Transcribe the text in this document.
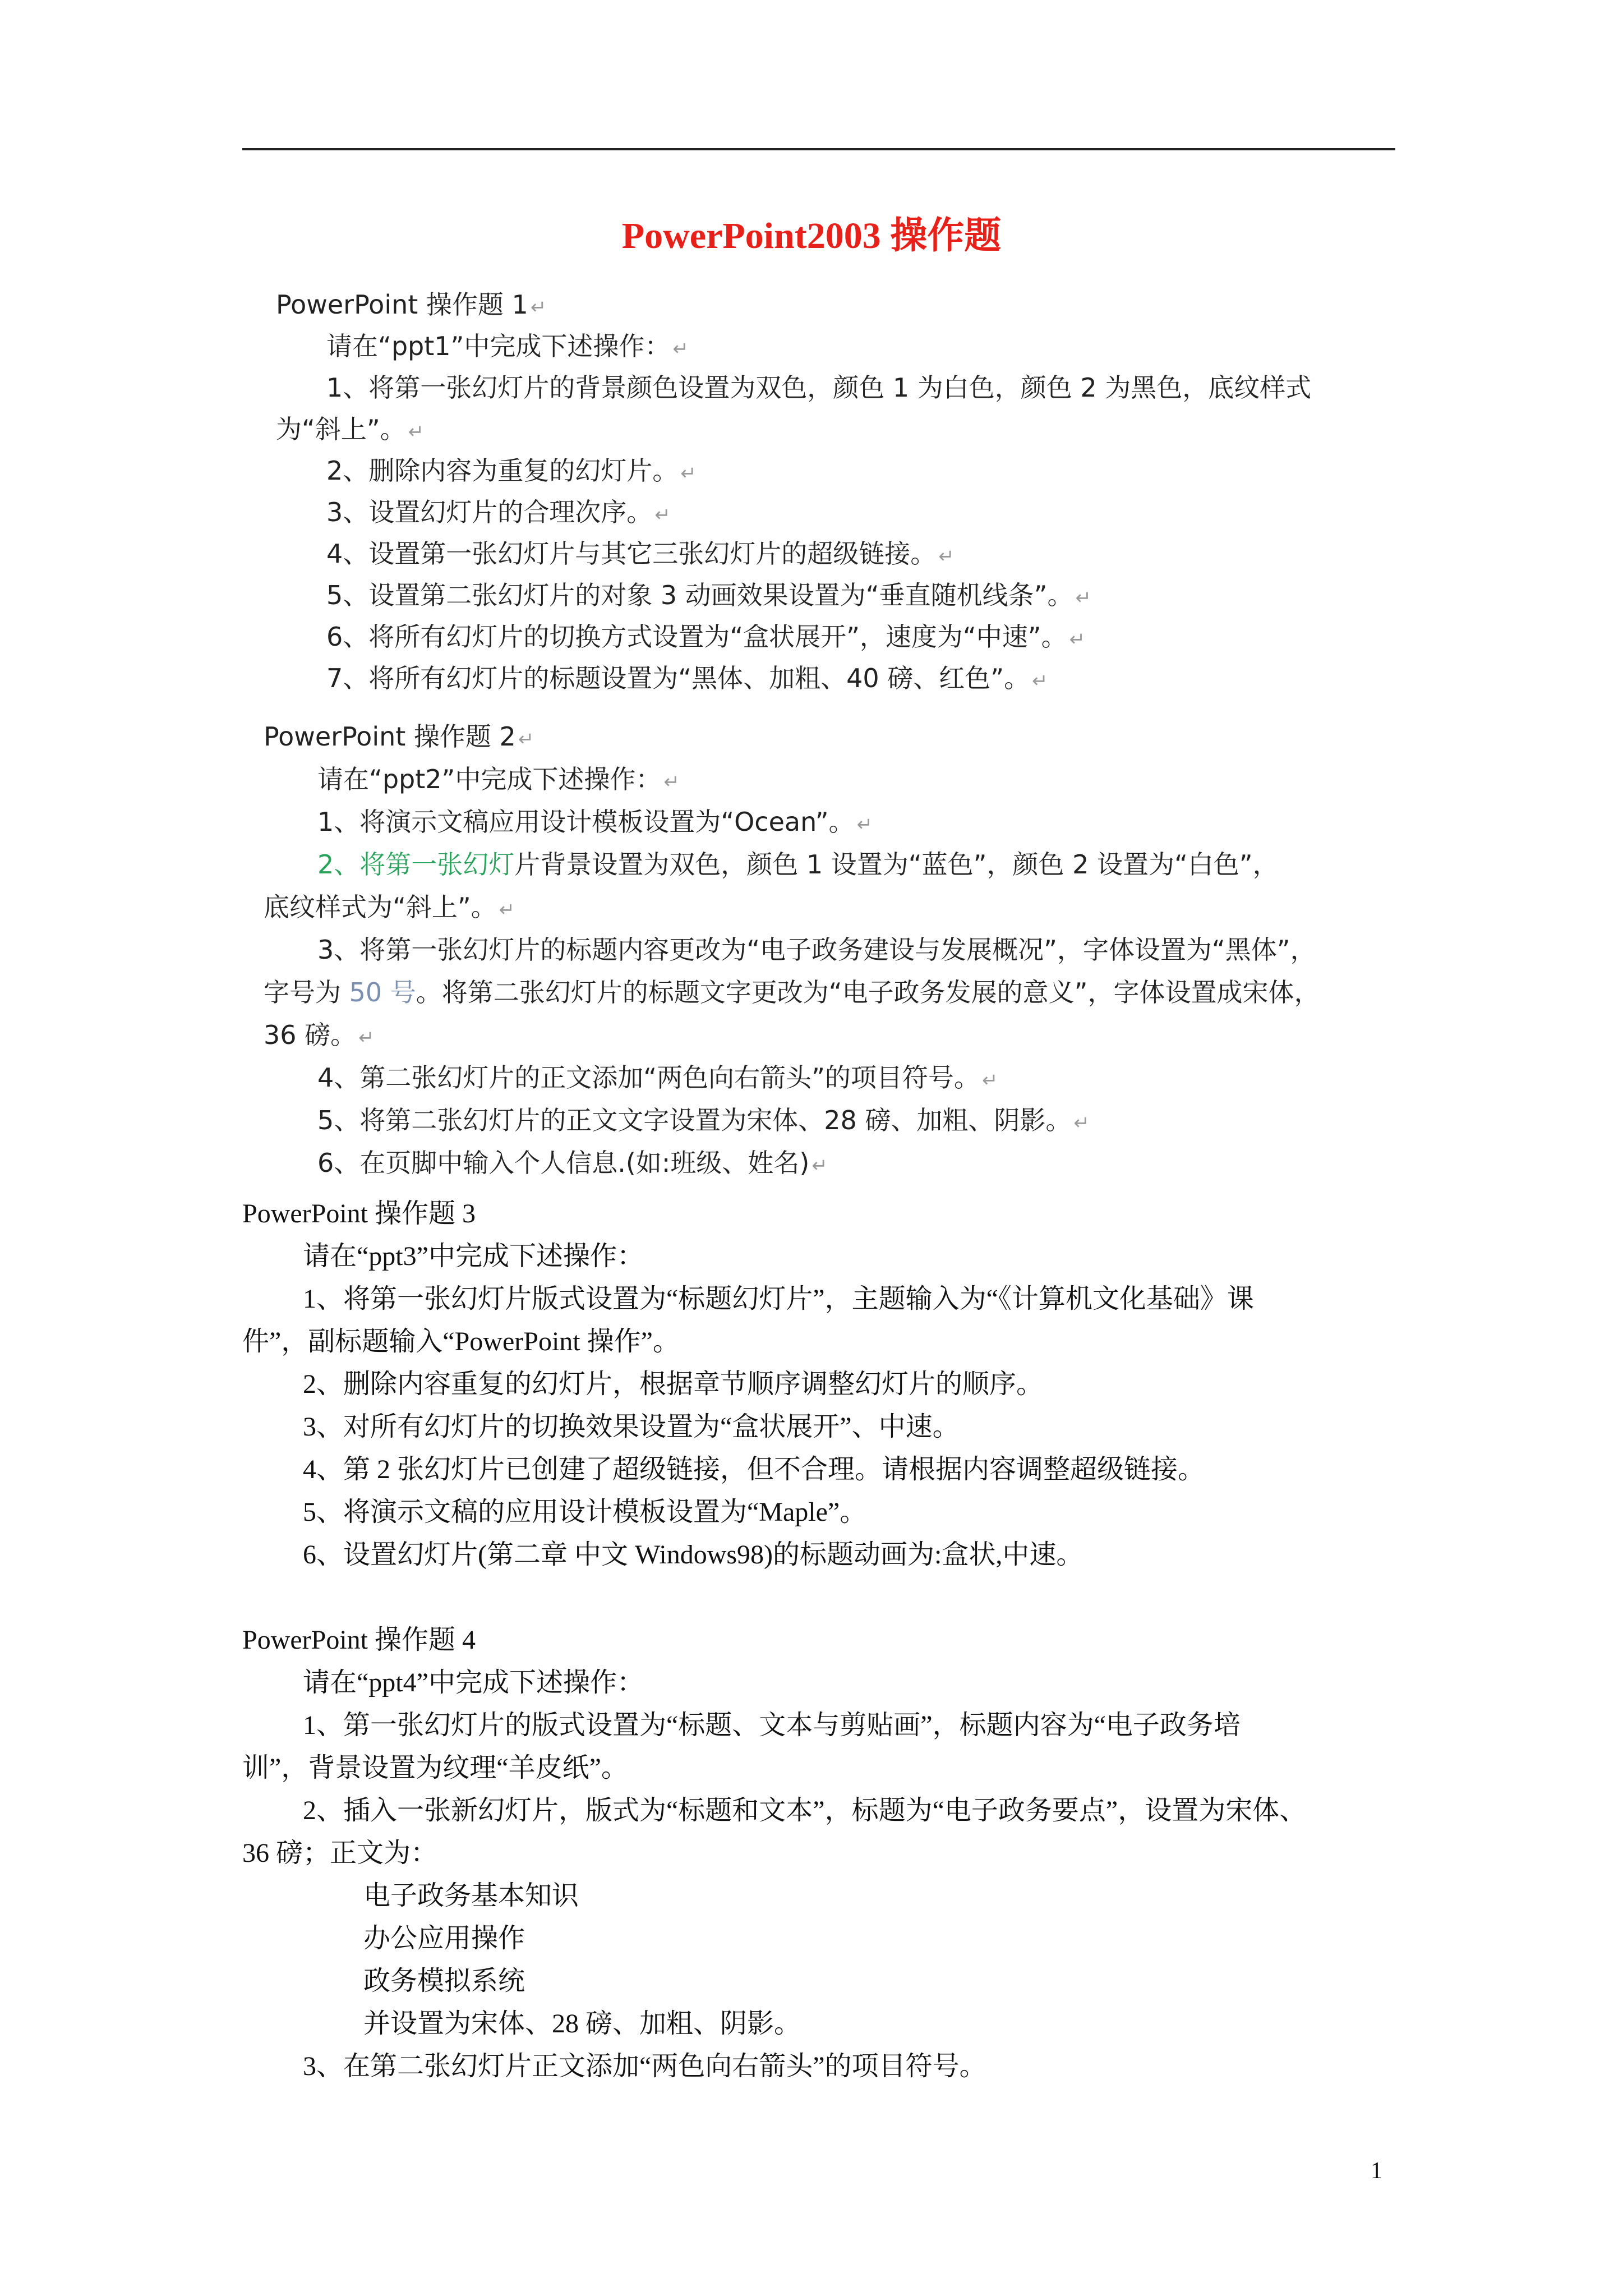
PowerPoint2003 操作题
PowerPoint 操作题 1 ↵
请在“ppt1”中完成下述操作： ↵
1、将第一张幻灯片的背景颜色设置为双色，颜色 1 为白色，颜色 2 为黑色，底纹样式
为“斜上”。 ↵
2、删除内容为重复的幻灯片。 ↵
3、设置幻灯片的合理次序。 ↵
4、设置第一张幻灯片与其它三张幻灯片的超级链接。 ↵
5、设置第二张幻灯片的对象 3 动画效果设置为“垂直随机线条”。 ↵
6、将所有幻灯片的切换方式设置为“盒状展开”，速度为“中速”。 ↵
7、将所有幻灯片的标题设置为“黑体、加粗、40 磅、红色”。 ↵
PowerPoint 操作题 2 ↵
请在“ppt2”中完成下述操作： ↵
1、将演示文稿应用设计模板设置为“Ocean”。 ↵
2、将第一张幻灯片背景设置为双色，颜色 1 设置为“蓝色”，颜色 2 设置为“白色”，
底纹样式为“斜上”。 ↵
3、将第一张幻灯片的标题内容更改为“电子政务建设与发展概况”，字体设置为“黑体”，
字号为 50 号。将第二张幻灯片的标题文字更改为“电子政务发展的意义”，字体设置成宋体，
36 磅。 ↵
4、第二张幻灯片的正文添加“两色向右箭头”的项目符号。 ↵
5、将第二张幻灯片的正文文字设置为宋体、28 磅、加粗、阴影。 ↵
6、在页脚中输入个人信息.(如:班级、姓名) ↵
PowerPoint 操作题 3
请在“ppt3”中完成下述操作：
1、将第一张幻灯片版式设置为“标题幻灯片”，主题输入为“《计算机文化基础》课
件”，副标题输入“PowerPoint 操作”。
2、删除内容重复的幻灯片，根据章节顺序调整幻灯片的顺序。
3、对所有幻灯片的切换效果设置为“盒状展开”、中速。
4、第 2 张幻灯片已创建了超级链接，但不合理。请根据内容调整超级链接。
5、将演示文稿的应用设计模板设置为“Maple”。
6、设置幻灯片(第二章 中文 Windows98)的标题动画为:盒状,中速。
PowerPoint 操作题 4
请在“ppt4”中完成下述操作：
1、第一张幻灯片的版式设置为“标题、文本与剪贴画”，标题内容为“电子政务培
训”，背景设置为纹理“羊皮纸”。
2、插入一张新幻灯片，版式为“标题和文本”，标题为“电子政务要点”，设置为宋体、
36 磅；正文为：
电子政务基本知识
办公应用操作
政务模拟系统
并设置为宋体、28 磅、加粗、阴影。
3、在第二张幻灯片正文添加“两色向右箭头”的项目符号。
1
